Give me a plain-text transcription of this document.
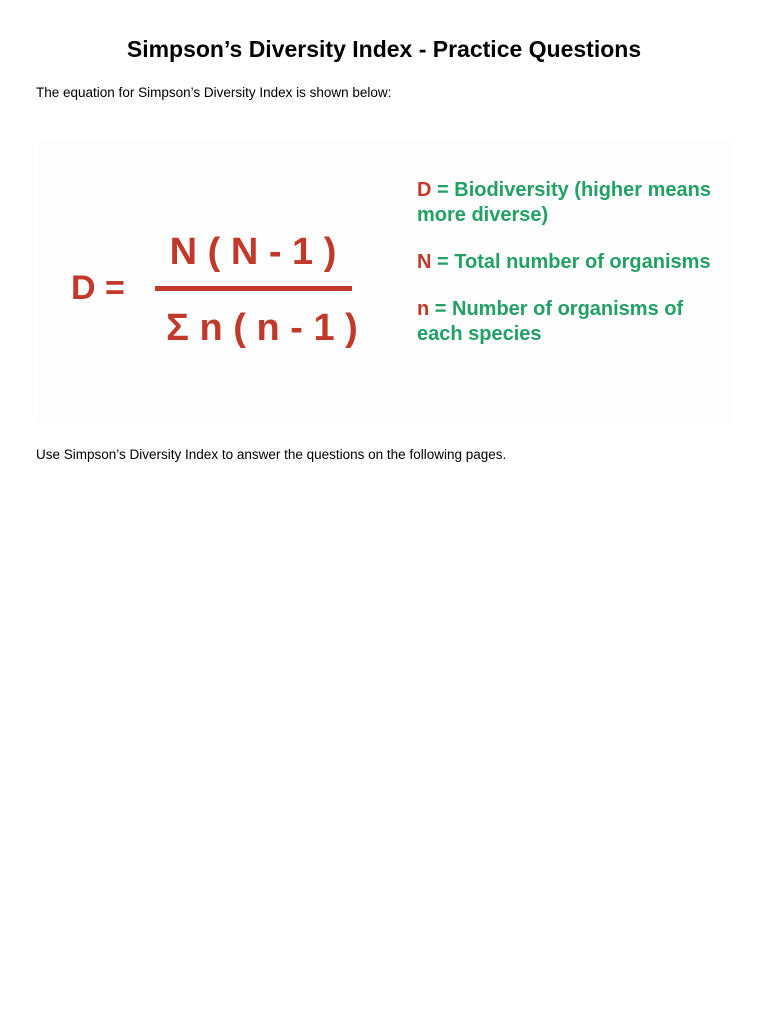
Simpson’s Diversity Index - Practice Questions

The equation for Simpson’s Diversity Index is shown below:

D =
N ( N - 1 )
Σ n ( n - 1 )

D = Biodiversity (higher means more diverse)

N = Total number of organisms

n = Number of organisms of each species

Use Simpson’s Diversity Index to answer the questions on the following pages.
